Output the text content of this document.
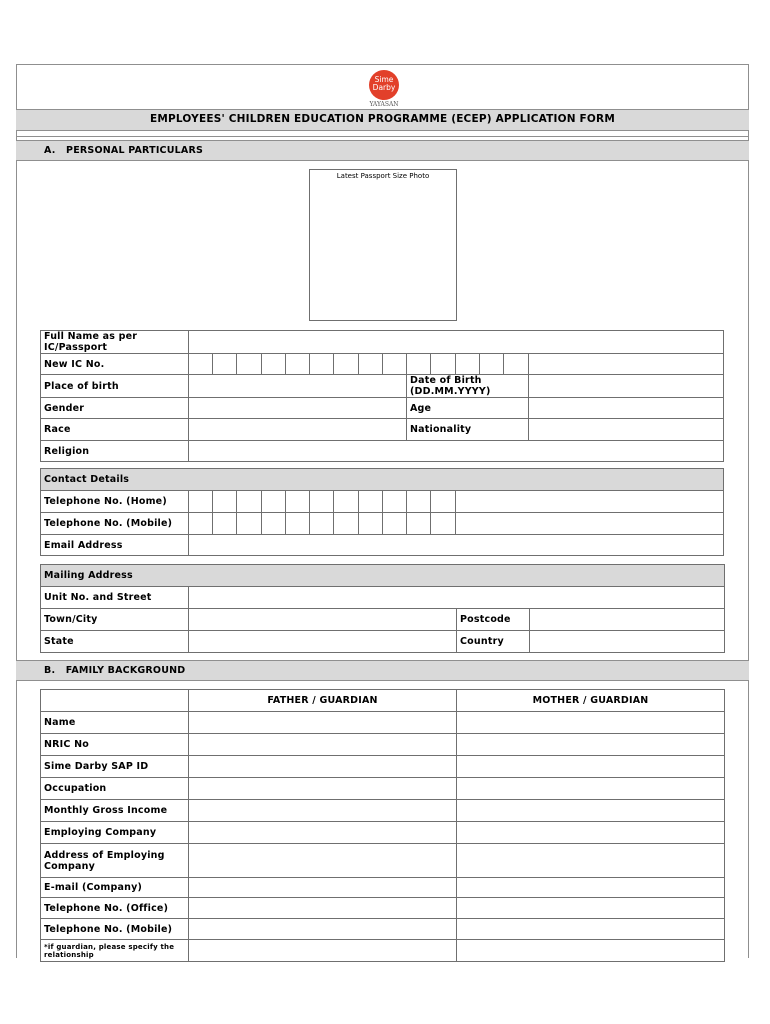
Sime
Darby
YAYASAN
EMPLOYEES' CHILDREN EDUCATION PROGRAMME (ECEP) APPLICATION FORM
A.   PERSONAL PARTICULARS
Latest Passport Size Photo
Full Name as per IC/Passport															
New IC No.															
Place of birth										Date of Birth (DD.MM.YYYY)					
Gender										Age					
Race										Nationality					
Religion															
Contact Details												
Telephone No. (Home)												
Telephone No. (Mobile)												
Email Address												
Mailing Address			
Unit No. and Street			
Town/City		Postcode	
State		Country	
B.   FAMILY BACKGROUND
	FATHER / GUARDIAN	MOTHER / GUARDIAN
Name		
NRIC No		
Sime Darby SAP ID		
Occupation		
Monthly Gross Income		
Employing Company		
Address of Employing Company		
E-mail (Company)		
Telephone No. (Office)		
Telephone No. (Mobile)		
*if guardian, please specify the relationship		
